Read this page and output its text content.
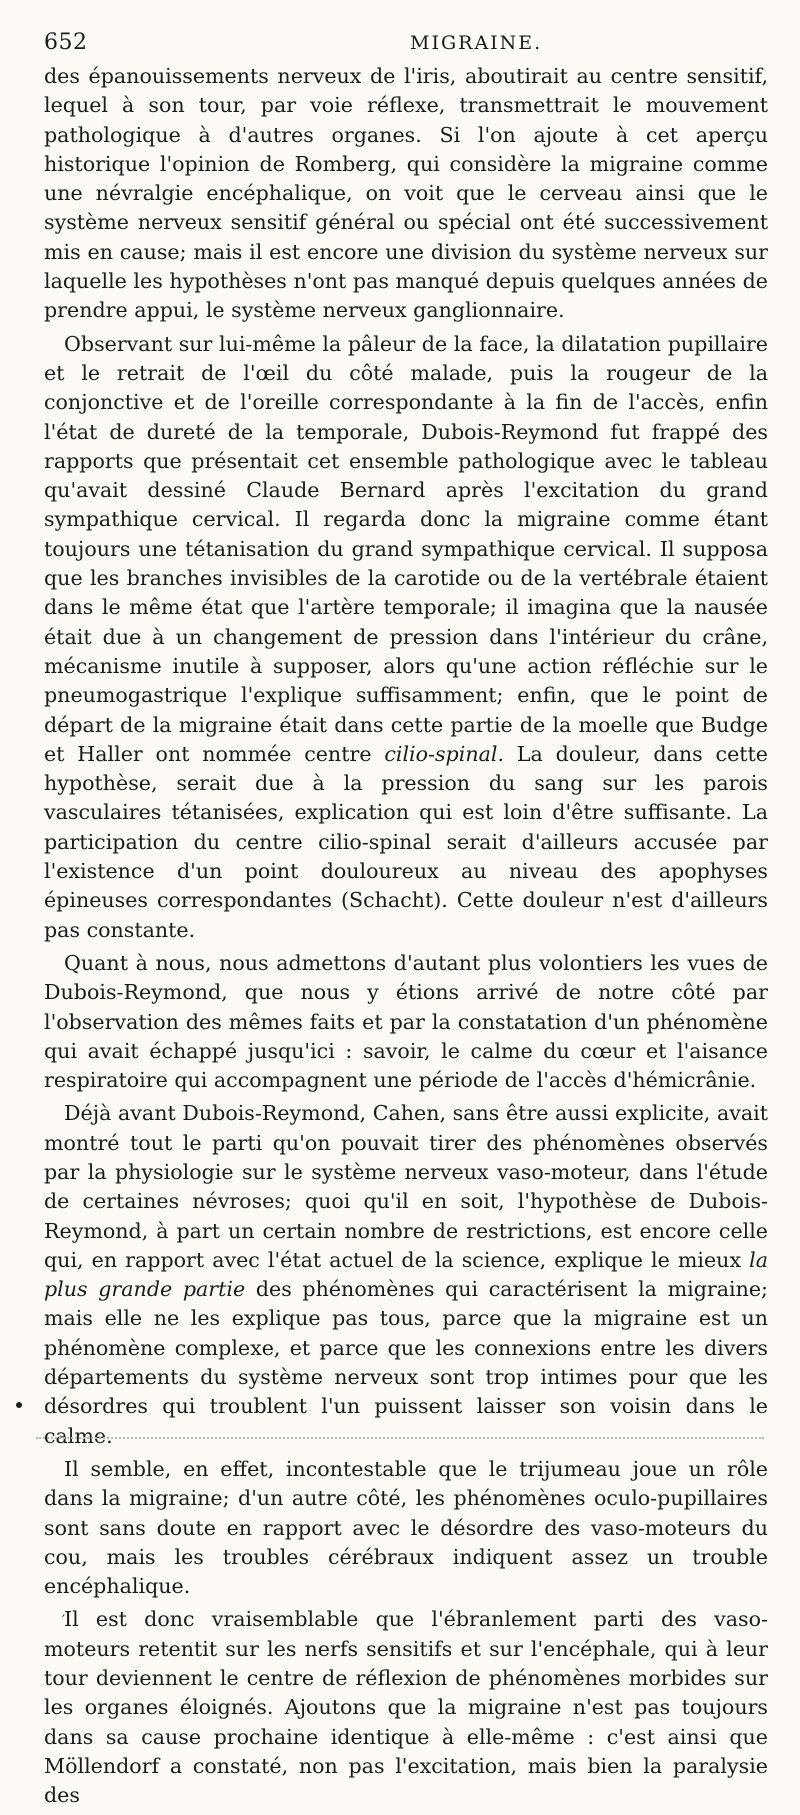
652	MIGRAINE.

des épanouissements nerveux de l'iris, aboutirait au centre sensitif, lequel à son tour, par voie réflexe, transmettrait le mouvement pathologique à d'autres organes. Si l'on ajoute à cet aperçu historique l'opinion de Romberg, qui considère la migraine comme une névralgie encéphalique, on voit que le cerveau ainsi que le système nerveux sensitif général ou spécial ont été successivement mis en cause; mais il est encore une division du système nerveux sur laquelle les hypothèses n'ont pas manqué depuis quelques années de prendre appui, le système nerveux ganglionnaire.

Observant sur lui-même la pâleur de la face, la dilatation pupillaire et le retrait de l'œil du côté malade, puis la rougeur de la conjonctive et de l'oreille correspondante à la fin de l'accès, enfin l'état de dureté de la temporale, Dubois-Reymond fut frappé des rapports que présentait cet ensemble pathologique avec le tableau qu'avait dessiné Claude Bernard après l'excitation du grand sympathique cervical. Il regarda donc la migraine comme étant toujours une tétanisation du grand sympathique cervical. Il supposa que les branches invisibles de la carotide ou de la vertébrale étaient dans le même état que l'artère temporale; il imagina que la nausée était due à un changement de pression dans l'intérieur du crâne, mécanisme inutile à supposer, alors qu'une action réfléchie sur le pneumogastrique l'explique suffisamment; enfin, que le point de départ de la migraine était dans cette partie de la moelle que Budge et Haller ont nommée centre cilio-spinal. La douleur, dans cette hypothèse, serait due à la pression du sang sur les parois vasculaires tétanisées, explication qui est loin d'être suffisante. La participation du centre cilio-spinal serait d'ailleurs accusée par l'existence d'un point douloureux au niveau des apophyses épineuses correspondantes (Schacht). Cette douleur n'est d'ailleurs pas constante.

Quant à nous, nous admettons d'autant plus volontiers les vues de Dubois-Reymond, que nous y étions arrivé de notre côté par l'observation des mêmes faits et par la constatation d'un phénomène qui avait échappé jusqu'ici : savoir, le calme du cœur et l'aisance respiratoire qui accompagnent une période de l'accès d'hémicrânie.

Déjà avant Dubois-Reymond, Cahen, sans être aussi explicite, avait montré tout le parti qu'on pouvait tirer des phénomènes observés par la physiologie sur le système nerveux vaso-moteur, dans l'étude de certaines névroses; quoi qu'il en soit, l'hypothèse de Dubois-Reymond, à part un certain nombre de restrictions, est encore celle qui, en rapport avec l'état actuel de la science, explique le mieux la plus grande partie des phénomènes qui caractérisent la migraine; mais elle ne les explique pas tous, parce que la migraine est un phénomène complexe, et parce que les connexions entre les divers départements du système nerveux sont trop intimes pour que les désordres qui troublent l'un puissent laisser son voisin dans le calme.

Il semble, en effet, incontestable que le trijumeau joue un rôle dans la migraine; d'un autre côté, les phénomènes oculo-pupillaires sont sans doute en rapport avec le désordre des vaso-moteurs du cou, mais les troubles cérébraux indiquent assez un trouble encéphalique.

′ Il est donc vraisemblable que l'ébranlement parti des vaso-moteurs retentit sur les nerfs sensitifs et sur l'encéphale, qui à leur tour deviennent le centre de réflexion de phénomènes morbides sur les organes éloignés. Ajoutons que la migraine n'est pas toujours dans sa cause prochaine identique à elle-même : c'est ainsi que Möllendorf a constaté, non pas l'excitation, mais bien la paralysie des
